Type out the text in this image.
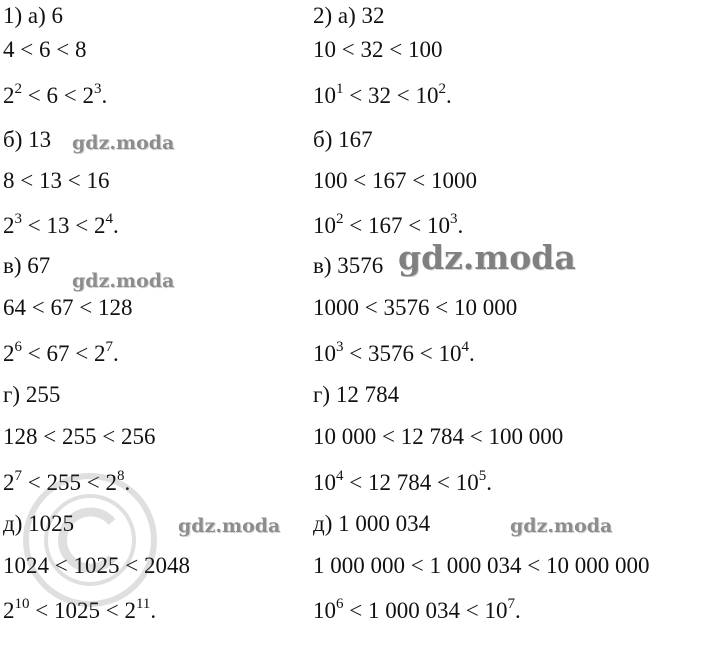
1) а) 6
4 < 6 < 8
$2^2 < 6 < 2^3$.
б) 13
8 < 13 < 16
$2^3 < 13 < 2^4$.
в) 67
64 < 67 < 128
$2^6 < 67 < 2^7$.
г) 255
128 < 255 < 256
$2^7 < 255 < 2^8$.
д) 1025
1024 < 1025 < 2048
$2^{10} < 1025 < 2^{11}$.
2) а) 32
10 < 32 < 100
$10^1 < 32 < 10^2$.
б) 167
100 < 167 < 1000
$10^2 < 167 < 10^3$.
в) 3576
1000 < 3576 < 10 000
$10^3 < 3576 < 10^4$.
г) 12 784
10 000 < 12 784 < 100 000
$10^4 < 12$ $784 < 10^5$.
д) 1 000 034
1 000 000 < 1 000 034 < 10 000 000
$10^6 < 1$ 000 $034 < 10^7$.
gdz.moda
gdz.moda
gdz.moda
gdz.moda	gdz.moda
